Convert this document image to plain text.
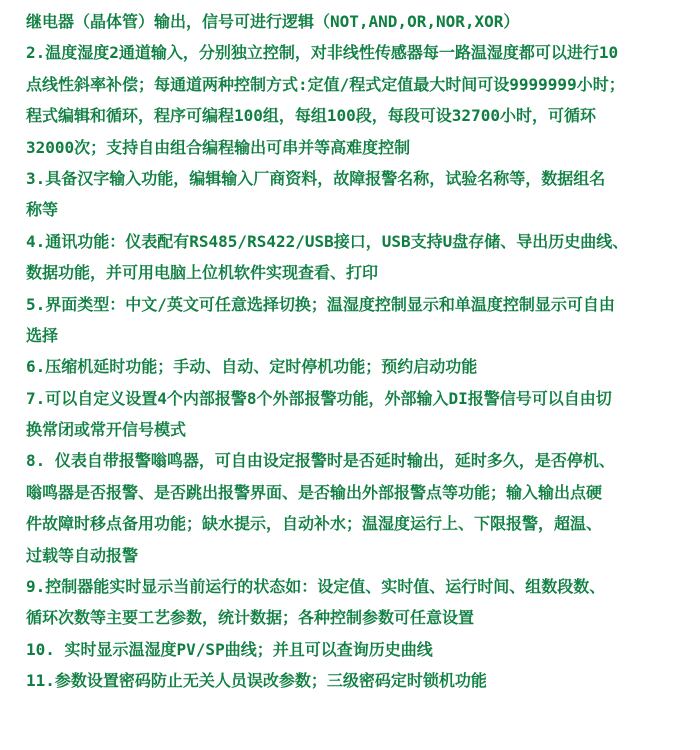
继电器（晶体管）输出，信号可进行逻辑（NOT,AND,OR,NOR,XOR）
2.温度湿度2通道输入，分别独立控制，对非线性传感器每一路温湿度都可以进行10
点线性斜率补偿；每通道两种控制方式:定值/程式定值最大时间可设9999999小时；
程式编辑和循环，程序可编程100组，每组100段，每段可设32700小时，可循环
32000次；支持自由组合编程输出可串并等高难度控制
3.具备汉字输入功能，编辑输入厂商资料，故障报警名称，试验名称等，数据组名
称等
4.通讯功能：仪表配有RS485/RS422/USB接口，USB支持U盘存储、导出历史曲线、
数据功能，并可用电脑上位机软件实现查看、打印
5.界面类型：中文/英文可任意选择切换；温湿度控制显示和单温度控制显示可自由
选择
6.压缩机延时功能；手动、自动、定时停机功能；预约启动功能
7.可以自定义设置4个内部报警8个外部报警功能，外部输入DI报警信号可以自由切
换常闭或常开信号模式
8. 仪表自带报警嗡鸣器，可自由设定报警时是否延时输出，延时多久，是否停机、
嗡鸣器是否报警、是否跳出报警界面、是否输出外部报警点等功能；输入输出点硬
件故障时移点备用功能；缺水提示，自动补水；温湿度运行上、下限报警，超温、
过载等自动报警
9.控制器能实时显示当前运行的状态如：设定值、实时值、运行时间、组数段数、
循环次数等主要工艺参数，统计数据；各种控制参数可任意设置
10. 实时显示温湿度PV/SP曲线；并且可以查询历史曲线
11.参数设置密码防止无关人员误改参数；三级密码定时锁机功能
